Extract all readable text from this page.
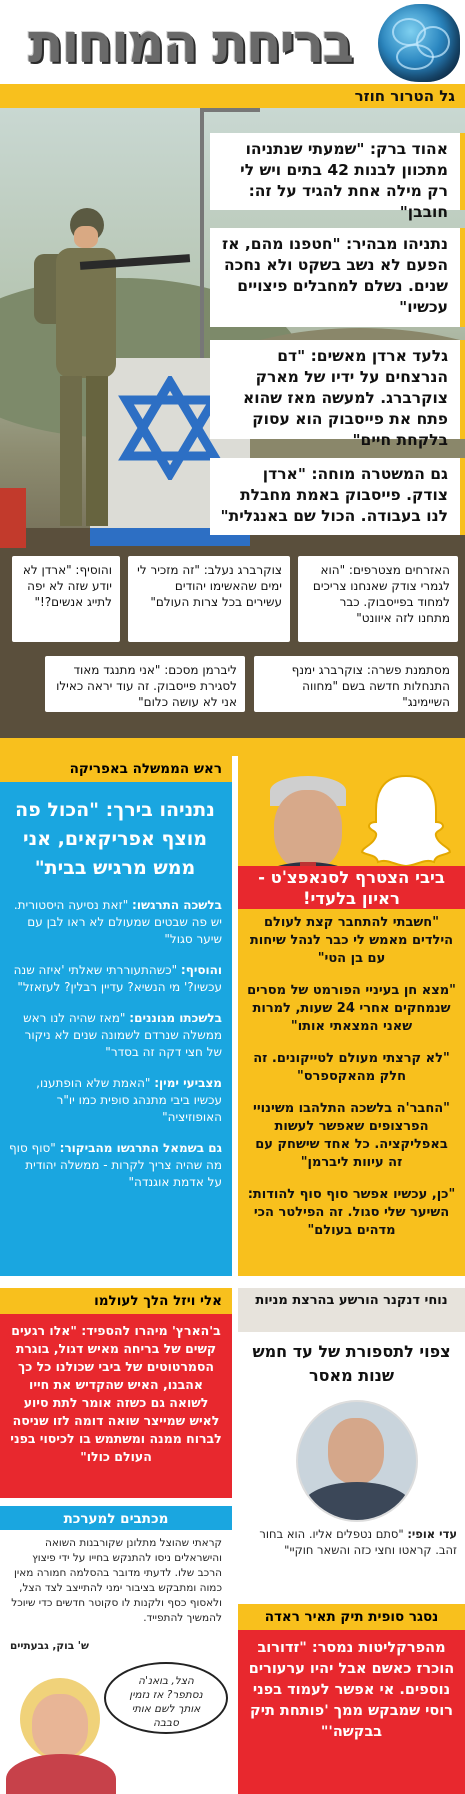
בריחת המוחות
גל הטרור חוזר
אהוד ברק: "שמעתי שנתניהו מתכוון לבנות 42 בתים ויש לי רק מילה אחת להגיד על זה: חובבן"
נתניהו מבהיר: "חטפנו מהם, אז הפעם לא נשב בשקט ולא נחכה שנים. נשלם למחבלים פיצויים עכשיו"
גלעד ארדן מאשים: "דם הנרצחים על ידיו של מארק צוקרברג. למעשה מאז שהוא פתח את פייסבוק הוא עסוק בלקחת חיים"
גם המשטרה מוחה: "ארדן צודק. פייסבוק באמת מחבלת לנו בעבודה. הכול שם באנגלית"
האזרחים מצטרפים: "הוא לגמרי צודק שאנחנו צריכים למחוד בפייסבוק. כבר מתחנו לזה איוונט"
צוקרברג נעלב: "זה מזכיר לי ימים שהאשימו יהודים עשירים בכל צרות העולם"
והוסיף: "ארדן לא יודע שזה לא יפה לתייג אנשים?!"
מסתמנת פשרה: צוקרברג ימנף התנחלות חדשה בשם "מחווה השיימינג"
ליברמן מסכם: "אני מתנגד מאוד לסגירת פייסבוק. זה עוד יראה כאילו אני לא עושה כלום"
ראש הממשלה באפריקה
נתניהו בירך: "הכול פה מוצף אפריקאים, אני ממש מרגיש בבית"
בלשכה התרגשו: "זאת נסיעה היסטורית. יש פה שבטים שמעולם לא ראו לבן עם שיער סגול"
והוסיף: "כשהתעוררתי שאלתי 'איזה שנה עכשיו?' מי הנשיא? עדיין רבלין? לעזאזל"
בלשכתו מגוננים: "מאז שהיה לנו ראש ממשלה שנרדם לשמונה שנים לא ניקור של חצי דקה זה בסדר"
מצביעי ימין: "האמת שלא הופתענו, עכשיו ביבי מתנהג סופית כמו יו"ר האופוזיציה"
גם בשמאל התרגשו מהביקור: "סוף סוף מה שהיה צריך לקרות - ממשלה יהודית על אדמת אוגנדה"
ביבי הצטרף לסנאפצ'ט - ראיון בלעדי!
"חשבתי להתחבר קצת לעולם הילדים מאמש לי כבר לנהל שיחות עם בן הטי"
"מצא חן בעיניי הפורמט של מסרים שנמחקים אחרי 24 שעות, למרות שאני המצאתי אותו"
"לא קרצתי מעולם לטייקונים. זה חלק מהאקספרס"
"החבר'ה בלשכה התלהבו משינויי הפרצופים שאפשר לעשות באפליקציה. כל אחד שישחק עם זה עיוות ליברמן"
"כן, עכשיו אפשר סוף סוף להודות: השיער שלי סגול. זה הפילטר הכי מדהים בעולם"
אלי ויזל הלך לעולמו
ב'הארץ' מיהרו להספיד: "אלו רגעים קשים של בריחה מאיש דגול, בוגרת הסמרטוטים של ביבי שכולנו כל כך אהבנו, האיש שהקדיש את חייו לשואה גם כשזה אומר לתת סיוע לאיש שמייצר שואה דומה לזו שניסה לברוח ממנה ומשתמש בו לכיסוי בפני העולם כולו"
מכתבים למערכת
קראתי שהוצל מתלונן שקורבנות השואה והישראלים ניסו להתנקש בחייו על ידי פיצוץ הרכב שלו. לדעתי מדובר בהסלמה חמורה מאין כמוה ומתבקש בציבור ימני להתייצב לצד הצל, ולאסוף כסף ולקנות לו סקוטר חדשים כדי שיוכל להמשיך להתפייד.
ש' בוק, גבעתיים
הצל, בואנ'ה נסתפר? אז נזמין אותך לשם אותי סבבה
נוחי דנקנר הורשע בהרצת מניות
צפוי לתספורת של עד חמש שנות מאסר
עדי אופי: "סתם נטפלים אליו. הוא בחור זהב. קראטו וחצי כזה והשאר חוקיי"
נסגר סופית תיק תאיר ראדה
מהפרקליטות נמסר: "זדורוב הוכרז כאשם אבל יהיו ערעורים נוספים. אי אפשר לעמוד בפני רוסי שמבקש ממך 'פותחת תיק בבקשה'"
